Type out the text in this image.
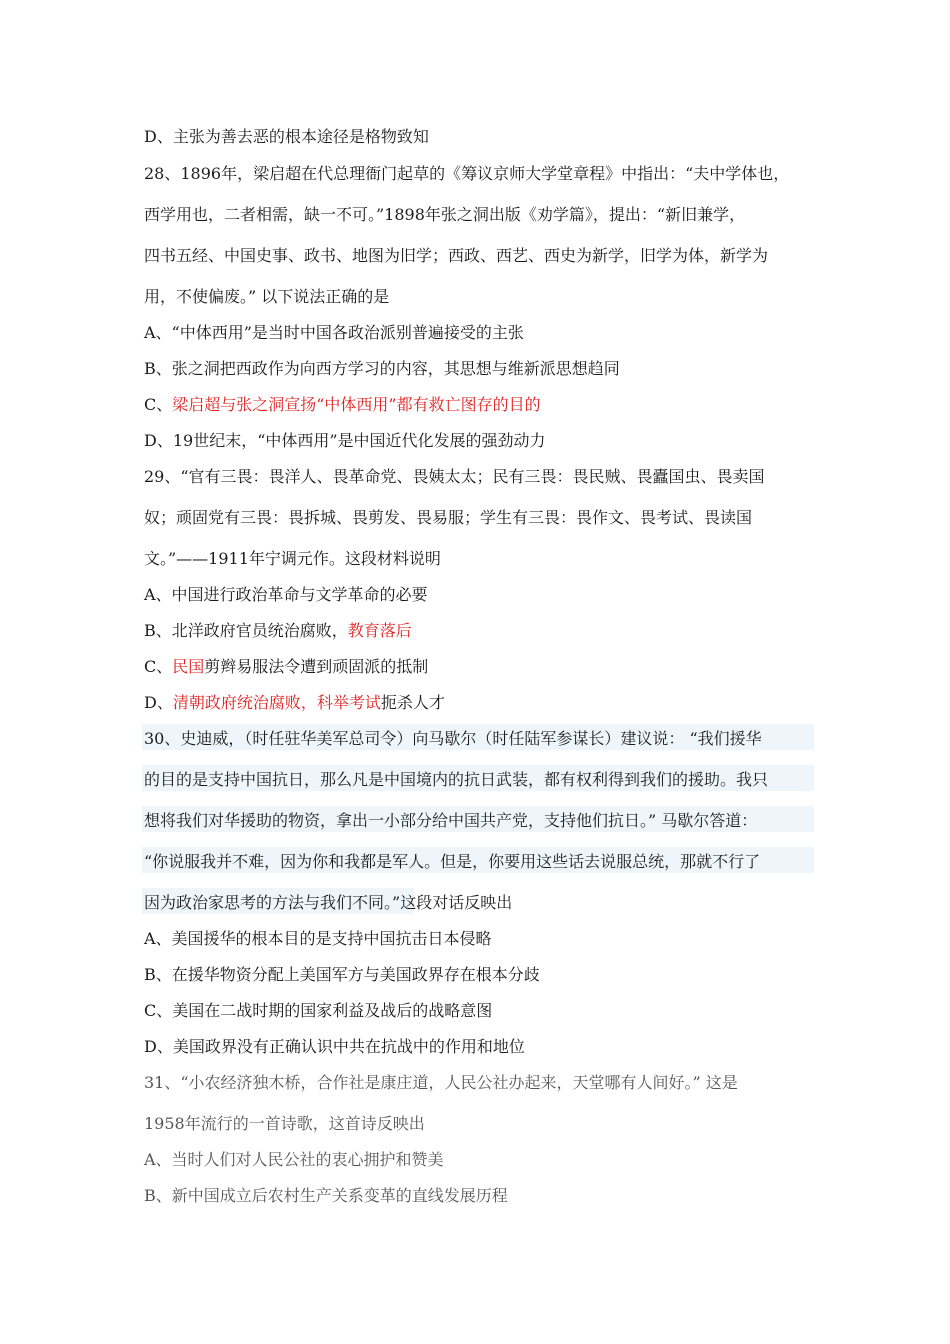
D、主张为善去恶的根本途径是格物致知
28、1896年，梁启超在代总理衙门起草的《筹议京师大学堂章程》中指出：“夫中学体也，
西学用也，二者相需，缺一不可。”1898年张之洞出版《劝学篇》，提出：“新旧兼学，
四书五经、中国史事、政书、地图为旧学；西政、西艺、西史为新学，旧学为体，新学为
用，不使偏废。” 以下说法正确的是
A、“中体西用”是当时中国各政治派别普遍接受的主张
B、张之洞把西政作为向西方学习的内容，其思想与维新派思想趋同
C、梁启超与张之洞宣扬“中体西用”都有救亡图存的目的
D、19世纪末，“中体西用”是中国近代化发展的强劲动力
29、“官有三畏：畏洋人、畏革命党、畏姨太太；民有三畏：畏民贼、畏蠹国虫、畏卖国
奴；顽固党有三畏：畏拆城、畏剪发、畏易服；学生有三畏：畏作文、畏考试、畏读国
文。”——1911年宁调元作。这段材料说明
A、中国进行政治革命与文学革命的必要
B、北洋政府官员统治腐败，教育落后
C、民国剪辫易服法令遭到顽固派的抵制
D、清朝政府统治腐败，科举考试扼杀人才
30、史迪威，（时任驻华美军总司令）向马歇尔（时任陆军参谋长）建议说： “我们援华
的目的是支持中国抗日，那么凡是中国境内的抗日武装，都有权利得到我们的援助。我只
想将我们对华援助的物资，拿出一小部分给中国共产党，支持他们抗日。” 马歇尔答道：
“你说服我并不难，因为你和我都是军人。但是，你要用这些话去说服总统，那就不行了
因为政治家思考的方法与我们不同。”这段对话反映出
A、美国援华的根本目的是支持中国抗击日本侵略
B、在援华物资分配上美国军方与美国政界存在根本分歧
C、美国在二战时期的国家利益及战后的战略意图
D、美国政界没有正确认识中共在抗战中的作用和地位
31、“小农经济独木桥，合作社是康庄道，人民公社办起来，天堂哪有人间好。” 这是
1958年流行的一首诗歌，这首诗反映出
A、当时人们对人民公社的衷心拥护和赞美
B、新中国成立后农村生产关系变革的直线发展历程
